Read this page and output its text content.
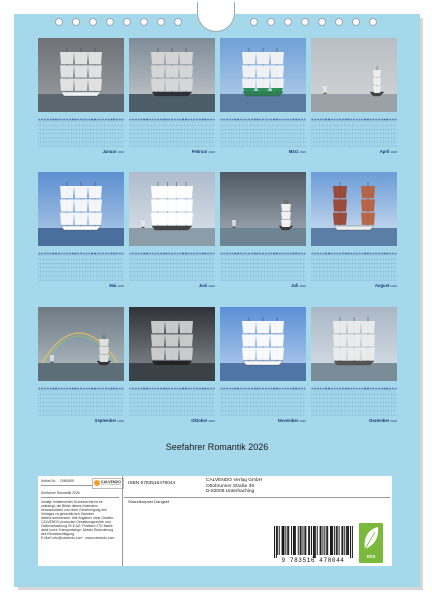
Januar2026	Februar2026	März2026	April2026
Mai2026	Juni2026	Juli2026	August2026
September2026	Oktober2026	November2026	Dezember2026
Seefahrer Romantik 2026
Artikel-Nr. 20N0659
Seefahrer Romantik 2026
CALVENDO
PHOTO PUBLISHING
Inhaltje Inhaltenerder Schutzrechte ist es
unklatugt, die Bilder dieses Kalenders
herauszulösen und ohne Genehmigung des
Verlages zu gewerblichen Zwecken
weiterzuverwenden. Alle Angaben ohne Gewähr.
CALVENDO produziert Gestaltungsrechte und
Geltendmachung 25 & AG. Postfach 27D Maies
dank kurze Transportwege, Absatz Reduzierung
des Einsatzschlagung.
E-Mail: info@calvendo.com · www.calvendo.com
ISBN 9783516478044
CALVENDO Verlag GmbH
Ottobrunner Straße 39
D-82008 Unterhaching
Strandkorpser Dangset
9 783516 478044	eco
